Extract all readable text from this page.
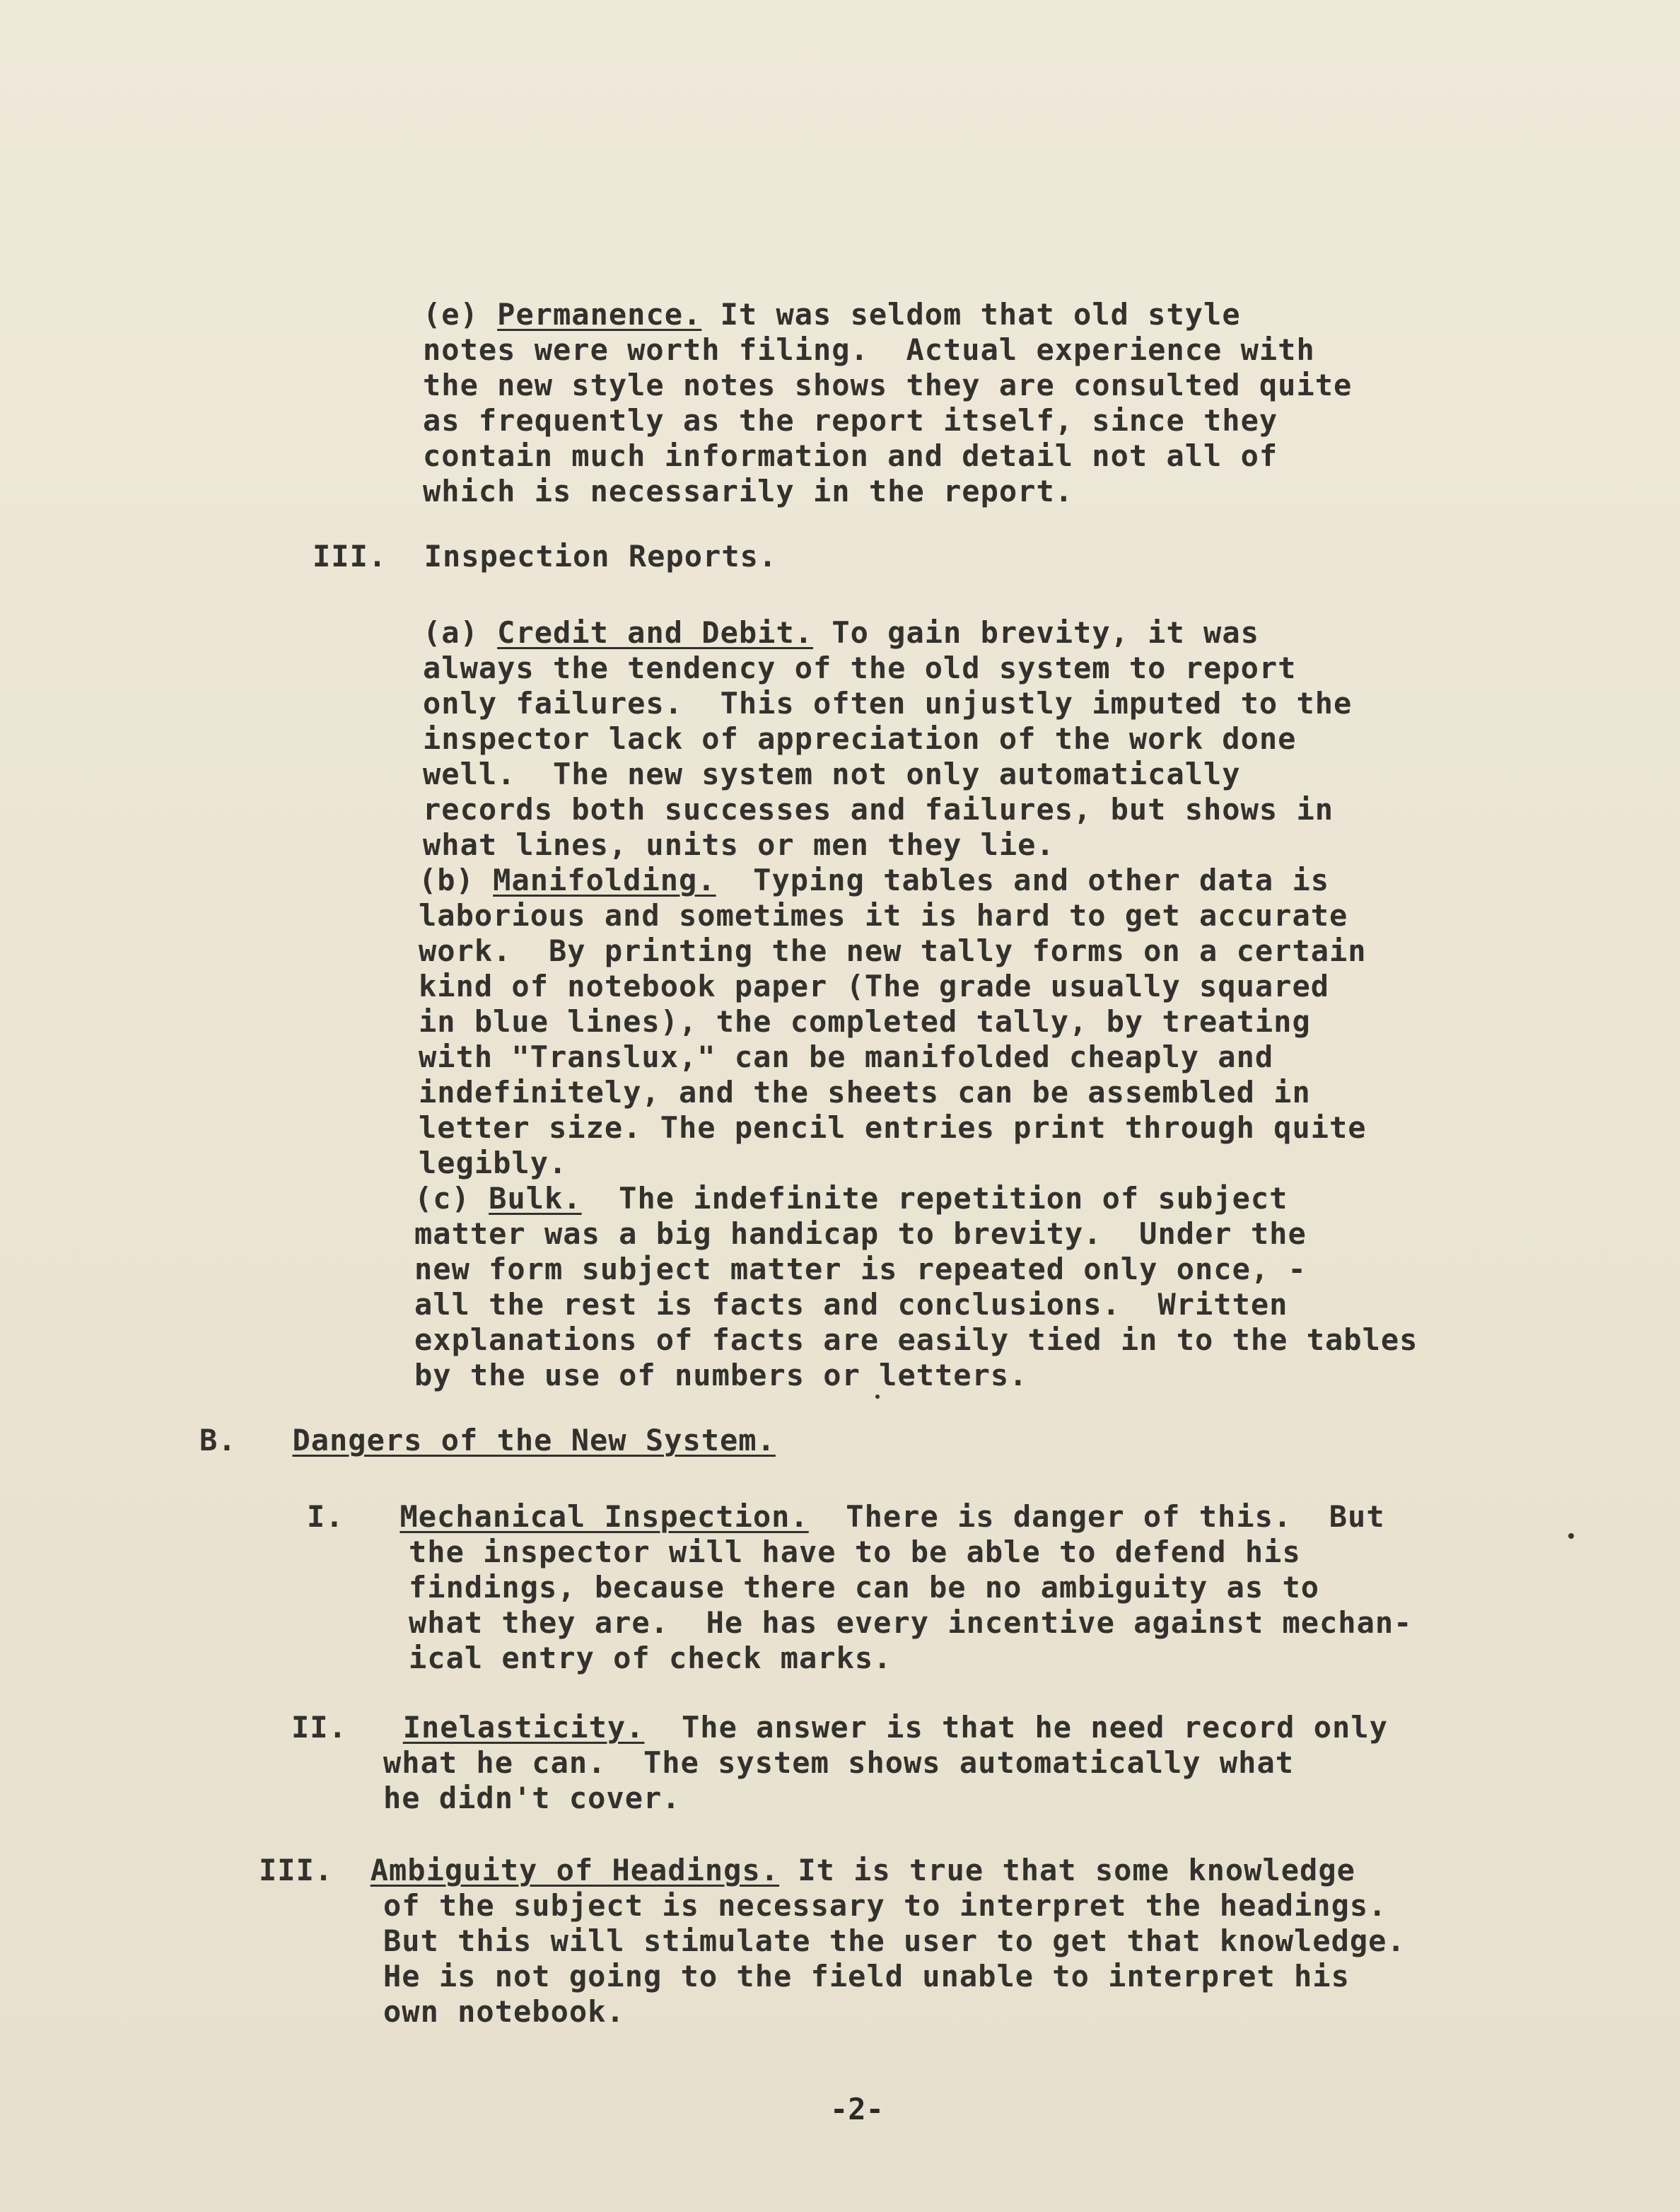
(e) Permanence. It was seldom that old style
notes were worth filing.  Actual experience with
the new style notes shows they are consulted quite
as frequently as the report itself, since they
contain much information and detail not all of
which is necessarily in the report.
III. Inspection Reports.
(a) Credit and Debit. To gain brevity, it was
always the tendency of the old system to report
only failures.  This often unjustly imputed to the
inspector lack of appreciation of the work done
well.  The new system not only automatically
records both successes and failures, but shows in
what lines, units or men they lie.
(b) Manifolding.  Typing tables and other data is
laborious and sometimes it is hard to get accurate
work.  By printing the new tally forms on a certain
kind of notebook paper (The grade usually squared
in blue lines), the completed tally, by treating
with "Translux," can be manifolded cheaply and
indefinitely, and the sheets can be assembled in
letter size. The pencil entries print through quite
legibly.
(c) Bulk.  The indefinite repetition of subject
matter was a big handicap to brevity.  Under the
new form subject matter is repeated only once, -
all the rest is facts and conclusions.  Written
explanations of facts are easily tied in to the tables
by the use of numbers or letters.
B. Dangers of the New System.
I. Mechanical Inspection.  There is danger of this.  But
the inspector will have to be able to defend his
findings, because there can be no ambiguity as to
what they are.  He has every incentive against mechan-
ical entry of check marks.
II. Inelasticity.  The answer is that he need record only
what he can.  The system shows automatically what
he didn't cover.
III. Ambiguity of Headings. It is true that some knowledge
of the subject is necessary to interpret the headings.
But this will stimulate the user to get that knowledge.
He is not going to the field unable to interpret his
own notebook.
-2-
